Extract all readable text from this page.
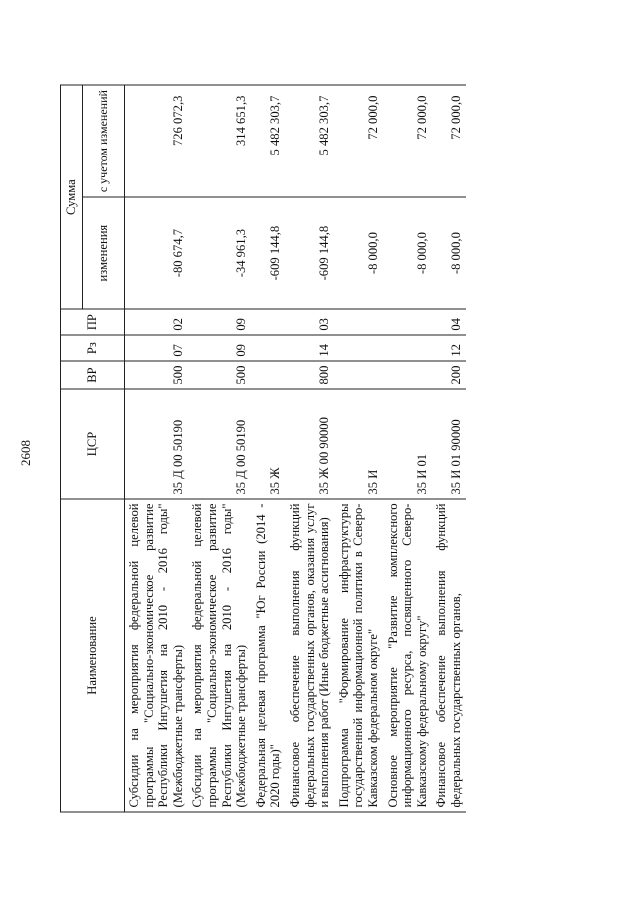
2608
Наименование	ЦСР	ВР	Рз	ПР	Сумма	
					изменения	с учетом изменений
Субсидии на мероприятия федеральной целевой программы "Социально-экономическое развитие Республики Ингушетия на 2010 - 2016 годы" (Межбюджетные трансферты)	35 Д 00 50190	500	07	02	-80 674,7	726 072,3
Субсидии на мероприятия федеральной целевой программы "Социально-экономическое развитие Республики Ингушетия на 2010 - 2016 годы" (Межбюджетные трансферты)	35 Д 00 50190	500	09	09	-34 961,3	314 651,3
Федеральная целевая программа "Юг России (2014 - 2020 годы)"	35 Ж				-609 144,8	5 482 303,7
Финансовое обеспечение выполнения функций федеральных государственных органов, оказания услуг и выполнения работ (Иные бюджетные ассигнования)	35 Ж 00 90000	800	14	03	-609 144,8	5 482 303,7
Подпрограмма "Формирование инфраструктуры государственной информационной политики в Северо-Кавказском федеральном округе"	35 И				-8 000,0	72 000,0
Основное мероприятие "Развитие комплексного информационного ресурса, посвященного Северо-Кавказскому федеральному округу"	35 И 01				-8 000,0	72 000,0
Финансовое обеспечение выполнения функций федеральных государственных органов,	35 И 01 90000	200	12	04	-8 000,0	72 000,0
